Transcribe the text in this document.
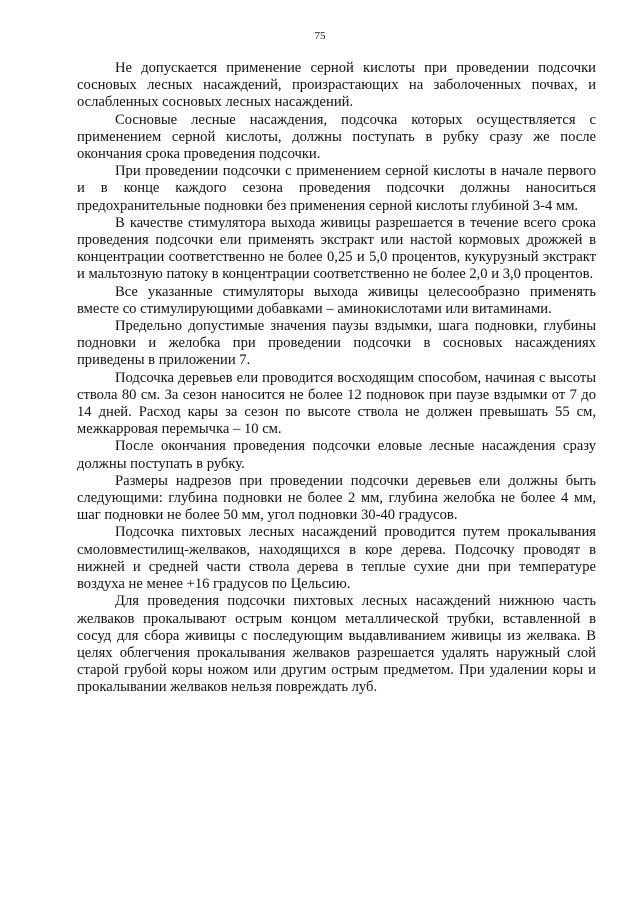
75

Не допускается применение серной кислоты при проведении подсочки сосновых лесных насаждений, произрастающих на заболоченных почвах, и ослабленных сосновых лесных насаждений.

Сосновые лесные насаждения, подсочка которых осуществляется с применением серной кислоты, должны поступать в рубку сразу же после окончания срока проведения подсочки.

При проведении подсочки с применением серной кислоты в начале первого и в конце каждого сезона проведения подсочки должны наноситься предохранительные подновки без применения серной кислоты глубиной 3-4 мм.

В качестве стимулятора выхода живицы разрешается в течение всего срока проведения подсочки ели применять экстракт или настой кормовых дрожжей в концентрации соответственно не более 0,25 и 5,0 процентов, кукурузный экстракт и мальтозную патоку в концентрации соответственно не более 2,0 и 3,0 процентов.

Все указанные стимуляторы выхода живицы целесообразно применять вместе со стимулирующими добавками – аминокислотами или витаминами.

Предельно допустимые значения паузы вздымки, шага подновки, глубины подновки и желобка при проведении подсочки в сосновых насаждениях приведены в приложении 7.

Подсочка деревьев ели проводится восходящим способом, начиная с высоты ствола 80 см. За сезон наносится не более 12 подновок при паузе вздымки от 7 до 14 дней. Расход кары за сезон по высоте ствола не должен превышать 55 см, межкарровая перемычка – 10 см.

После окончания проведения подсочки еловые лесные насаждения сразу должны поступать в рубку.

Размеры надрезов при проведении подсочки деревьев ели должны быть следующими: глубина подновки не более 2 мм, глубина желобка не более 4 мм, шаг подновки не более 50 мм, угол подновки 30-40 градусов.

Подсочка пихтовых лесных насаждений проводится путем прокалывания смоловместилищ-желваков, находящихся в коре дерева. Подсочку проводят в нижней и средней части ствола дерева в теплые сухие дни при температуре воздуха не менее +16 градусов по Цельсию.

Для проведения подсочки пихтовых лесных насаждений нижнюю часть желваков прокалывают острым концом металлической трубки, вставленной в сосуд для сбора живицы с последующим выдавливанием живицы из желвака. В целях облегчения прокалывания желваков разрешается удалять наружный слой старой грубой коры ножом или другим острым предметом. При удалении коры и прокалывании желваков нельзя повреждать луб.
